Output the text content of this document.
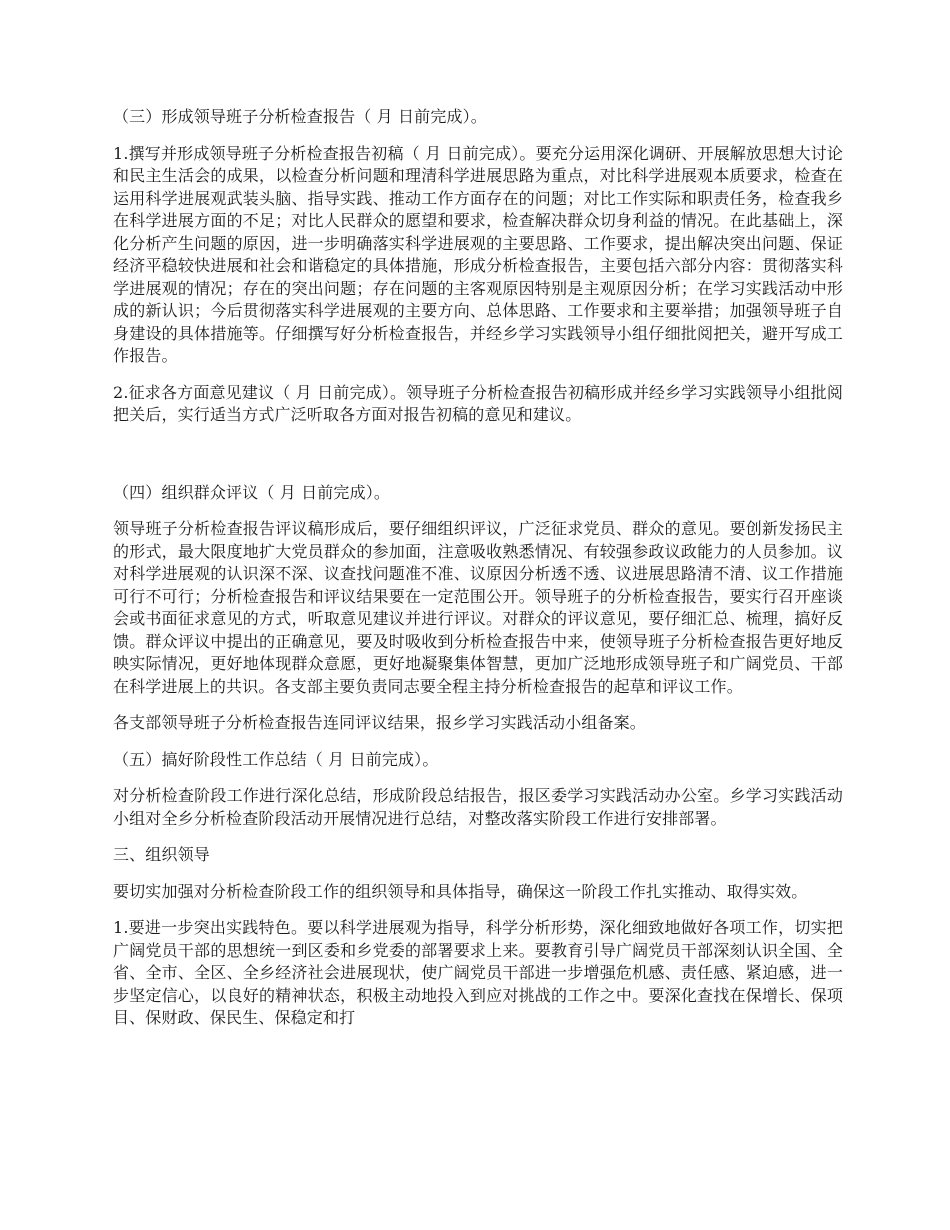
（三）形成领导班子分析检查报告（ 月 日前完成）。

1.撰写并形成领导班子分析检查报告初稿（ 月 日前完成）。要充分运用深化调研、开展解放思想大讨论和民主生活会的成果，以检查分析问题和理清科学进展思路为重点，对比科学进展观本质要求，检查在运用科学进展观武装头脑、指导实践、推动工作方面存在的问题；对比工作实际和职责任务，检查我乡在科学进展方面的不足；对比人民群众的愿望和要求，检查解决群众切身利益的情况。在此基础上，深化分析产生问题的原因，进一步明确落实科学进展观的主要思路、工作要求，提出解决突出问题、保证经济平稳较快进展和社会和谐稳定的具体措施，形成分析检查报告，主要包括六部分内容：贯彻落实科学进展观的情况；存在的突出问题；存在问题的主客观原因特别是主观原因分析；在学习实践活动中形成的新认识；今后贯彻落实科学进展观的主要方向、总体思路、工作要求和主要举措；加强领导班子自身建设的具体措施等。仔细撰写好分析检查报告，并经乡学习实践领导小组仔细批阅把关，避开写成工作报告。

2.征求各方面意见建议（ 月 日前完成）。领导班子分析检查报告初稿形成并经乡学习实践领导小组批阅把关后，实行适当方式广泛听取各方面对报告初稿的意见和建议。

（四）组织群众评议（ 月 日前完成）。

领导班子分析检查报告评议稿形成后，要仔细组织评议，广泛征求党员、群众的意见。要创新发扬民主的形式，最大限度地扩大党员群众的参加面，注意吸收熟悉情况、有较强参政议政能力的人员参加。议对科学进展观的认识深不深、议查找问题准不准、议原因分析透不透、议进展思路清不清、议工作措施可行不可行；分析检查报告和评议结果要在一定范围公开。领导班子的分析检查报告，要实行召开座谈会或书面征求意见的方式，听取意见建议并进行评议。对群众的评议意见，要仔细汇总、梳理，搞好反馈。群众评议中提出的正确意见，要及时吸收到分析检查报告中来，使领导班子分析检查报告更好地反映实际情况，更好地体现群众意愿，更好地凝聚集体智慧，更加广泛地形成领导班子和广阔党员、干部在科学进展上的共识。各支部主要负责同志要全程主持分析检查报告的起草和评议工作。

各支部领导班子分析检查报告连同评议结果，报乡学习实践活动小组备案。

（五）搞好阶段性工作总结（ 月 日前完成）。

对分析检查阶段工作进行深化总结，形成阶段总结报告，报区委学习实践活动办公室。乡学习实践活动小组对全乡分析检查阶段活动开展情况进行总结，对整改落实阶段工作进行安排部署。

三、组织领导

要切实加强对分析检查阶段工作的组织领导和具体指导，确保这一阶段工作扎实推动、取得实效。

1.要进一步突出实践特色。要以科学进展观为指导，科学分析形势，深化细致地做好各项工作，切实把广阔党员干部的思想统一到区委和乡党委的部署要求上来。要教育引导广阔党员干部深刻认识全国、全省、全市、全区、全乡经济社会进展现状，使广阔党员干部进一步增强危机感、责任感、紧迫感，进一步坚定信心，以良好的精神状态，积极主动地投入到应对挑战的工作之中。要深化查找在保增长、保项目、保财政、保民生、保稳定和打
